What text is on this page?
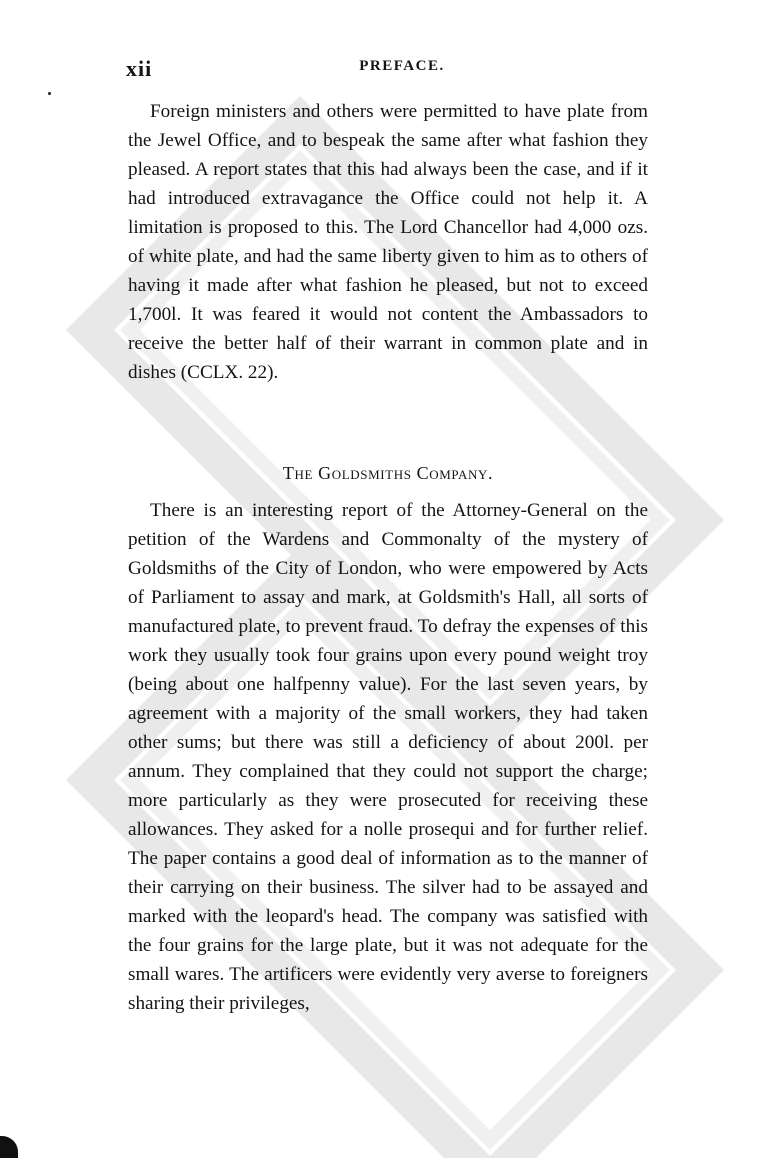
xii	PREFACE.

Foreign ministers and others were permitted to have plate from the Jewel Office, and to bespeak the same after what fashion they pleased. A report states that this had always been the case, and if it had introduced extravagance the Office could not help it. A limitation is proposed to this. The Lord Chancellor had 4,000 ozs. of white plate, and had the same liberty given to him as to others of having it made after what fashion he pleased, but not to exceed 1,700l. It was feared it would not content the Ambassadors to receive the better half of their warrant in common plate and in dishes (CCLX. 22).

The Goldsmiths Company.

There is an interesting report of the Attorney-General on the petition of the Wardens and Commonalty of the mystery of Goldsmiths of the City of London, who were empowered by Acts of Parliament to assay and mark, at Goldsmith's Hall, all sorts of manufactured plate, to prevent fraud. To defray the expenses of this work they usually took four grains upon every pound weight troy (being about one halfpenny value). For the last seven years, by agreement with a majority of the small workers, they had taken other sums; but there was still a deficiency of about 200l. per annum. They complained that they could not support the charge; more particularly as they were prosecuted for receiving these allowances. They asked for a nolle prosequi and for further relief. The paper contains a good deal of information as to the manner of their carrying on their business. The silver had to be assayed and marked with the leopard's head. The company was satisfied with the four grains for the large plate, but it was not adequate for the small wares. The artificers were evidently very averse to foreigners sharing their privileges,
